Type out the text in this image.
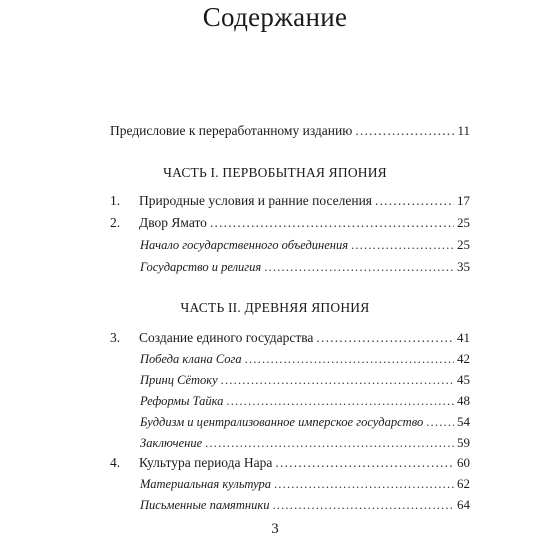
Содержание
Предисловие к переработанному изданию .....	11
ЧАСТЬ I. ПЕРВОБЫТНАЯ ЯПОНИЯ
1. Природные условия и ранние поселения .....	17
2. Двор Ямато .....	25
Начало государственного объединения .....	25
Государство и религия .....	35
ЧАСТЬ II. ДРЕВНЯЯ ЯПОНИЯ
3. Создание единого государства .....	41
Победа клана Сога .....	42
Принц Сётоку .....	45
Реформы Тайка .....	48
Буддизм и централизованное имперское государство .....	54
Заключение .....	59
4. Культура периода Нара .....	60
Материальная культура .....	62
Письменные памятники .....	64
3
